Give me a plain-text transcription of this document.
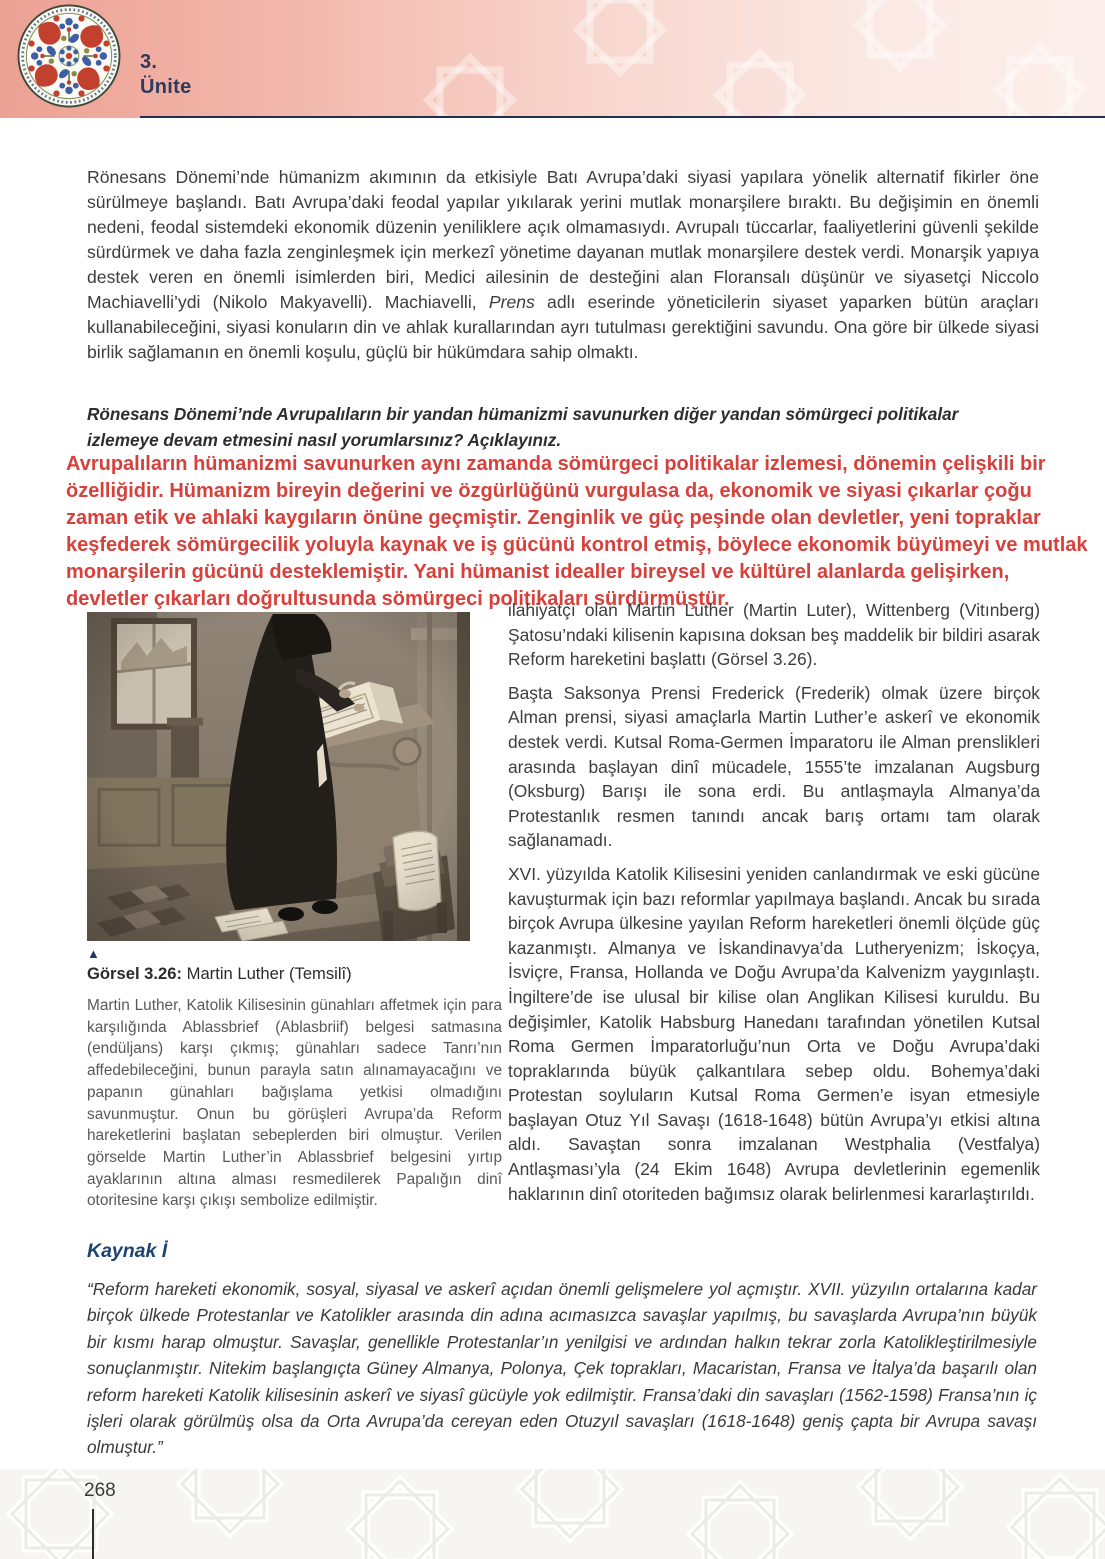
3.
Ünite

Rönesans Dönemi’nde hümanizm akımının da etkisiyle Batı Avrupa’daki siyasi yapılara yönelik alternatif fikirler öne sürülmeye başlandı. Batı Avrupa’daki feodal yapılar yıkılarak yerini mutlak monarşilere bıraktı. Bu değişimin en önemli nedeni, feodal sistemdeki ekonomik düzenin yeniliklere açık olmamasıydı. Avrupalı tüccarlar, faaliyetlerini güvenli şekilde sürdürmek ve daha fazla zenginleşmek için merkezî yönetime dayanan mutlak monarşilere destek verdi. Monarşik yapıya destek veren en önemli isimlerden biri, Medici ailesinin de desteğini alan Floransalı düşünür ve siyasetçi Niccolo Machiavelli’ydi (Nikolo Makyavelli). Machiavelli, Prens adlı eserinde yöneticilerin siyaset yaparken bütün araçları kullanabileceğini, siyasi konuların din ve ahlak kurallarından ayrı tutulması gerektiğini savundu. Ona göre bir ülkede siyasi birlik sağlamanın en önemli koşulu, güçlü bir hükümdara sahip olmaktı.

Rönesans Dönemi’nde Avrupalıların bir yandan hümanizmi savunurken diğer yandan sömürgeci politikalar izlemeye devam etmesini nasıl yorumlarsınız? Açıklayınız.

Avrupalıların hümanizmi savunurken aynı zamanda sömürgeci politikalar izlemesi, dönemin çelişkili bir özelliğidir. Hümanizm bireyin değerini ve özgürlüğünü vurgulasa da, ekonomik ve siyasi çıkarlar çoğu zaman etik ve ahlaki kaygıların önüne geçmiştir. Zenginlik ve güç peşinde olan devletler, yeni topraklar keşfederek sömürgecilik yoluyla kaynak ve iş gücünü kontrol etmiş, böylece ekonomik büyümeyi ve mutlak monarşilerin gücünü desteklemiştir. Yani hümanist idealler bireysel ve kültürel alanlarda gelişirken, devletler çıkarları doğrultusunda sömürgeci politikaları sürdürmüştür.

▲
Görsel 3.26: Martin Luther (Temsilî)

Martin Luther, Katolik Kilisesinin günahları affetmek için para karşılığında Ablassbrief (Ablasbriif) belgesi satmasına (endüljans) karşı çıkmış; günahları sadece Tanrı’nın affedebileceğini, bunun parayla satın alınamayacağını ve papanın günahları bağışlama yetkisi olmadığını savunmuştur. Onun bu görüşleri Avrupa’da Reform hareketlerini başlatan sebeplerden biri olmuştur. Verilen görselde Martin Luther’in Ablassbrief belgesini yırtıp ayaklarının altına alması resmedilerek Papalığın dinî otoritesine karşı çıkışı sembolize edilmiştir.

ilahiyatçı olan Martin Luther (Martin Luter), Wittenberg (Vitınberg) Şatosu’ndaki kilisenin kapısına doksan beş maddelik bir bildiri asarak Reform hareketini başlattı (Görsel 3.26).

Başta Saksonya Prensi Frederick (Frederik) olmak üzere birçok Alman prensi, siyasi amaçlarla Martin Luther’e askerî ve ekonomik destek verdi. Kutsal Roma-Germen İmparatoru ile Alman prenslikleri arasında başlayan dinî mücadele, 1555’te imzalanan Augsburg (Oksburg) Barışı ile sona erdi. Bu antlaşmayla Almanya’da Protestanlık resmen tanındı ancak barış ortamı tam olarak sağlanamadı.

XVI. yüzyılda Katolik Kilisesini yeniden canlandırmak ve eski gücüne kavuşturmak için bazı reformlar yapılmaya başlandı. Ancak bu sırada birçok Avrupa ülkesine yayılan Reform hareketleri önemli ölçüde güç kazanmıştı. Almanya ve İskandinavya’da Lutheryenizm; İskoçya, İsviçre, Fransa, Hollanda ve Doğu Avrupa’da Kalvenizm yaygınlaştı. İngiltere’de ise ulusal bir kilise olan Anglikan Kilisesi kuruldu. Bu değişimler, Katolik Habsburg Hanedanı tarafından yönetilen Kutsal Roma Germen İmparatorluğu’nun Orta ve Doğu Avrupa’daki topraklarında büyük çalkantılara sebep oldu. Bohemya’daki Protestan soyluların Kutsal Roma Germen’e isyan etmesiyle başlayan Otuz Yıl Savaşı (1618-1648) bütün Avrupa’yı etkisi altına aldı. Savaştan sonra imzalanan Westphalia (Vestfalya) Antlaşması’yla (24 Ekim 1648) Avrupa devletlerinin egemenlik haklarının dinî otoriteden bağımsız olarak belirlenmesi kararlaştırıldı.

Kaynak İ

“Reform hareketi ekonomik, sosyal, siyasal ve askerî açıdan önemli gelişmelere yol açmıştır. XVII. yüzyılın ortalarına kadar birçok ülkede Protestanlar ve Katolikler arasında din adına acımasızca savaşlar yapılmış, bu savaşlarda Avrupa’nın büyük bir kısmı harap olmuştur. Savaşlar, genellikle Protestanlar’ın yenilgisi ve ardından halkın tekrar zorla Katolikleştirilmesiyle sonuçlanmıştır. Nitekim başlangıçta Güney Almanya, Polonya, Çek toprakları, Macaristan, Fransa ve İtalya’da başarılı olan reform hareketi Katolik kilisesinin askerî ve siyasî gücüyle yok edilmiştir. Fransa’daki din savaşları (1562-1598) Fransa’nın iç işleri olarak görülmüş olsa da Orta Avrupa’da cereyan eden Otuzyıl savaşları (1618-1648) geniş çapta bir Avrupa savaşı olmuştur.”

268
